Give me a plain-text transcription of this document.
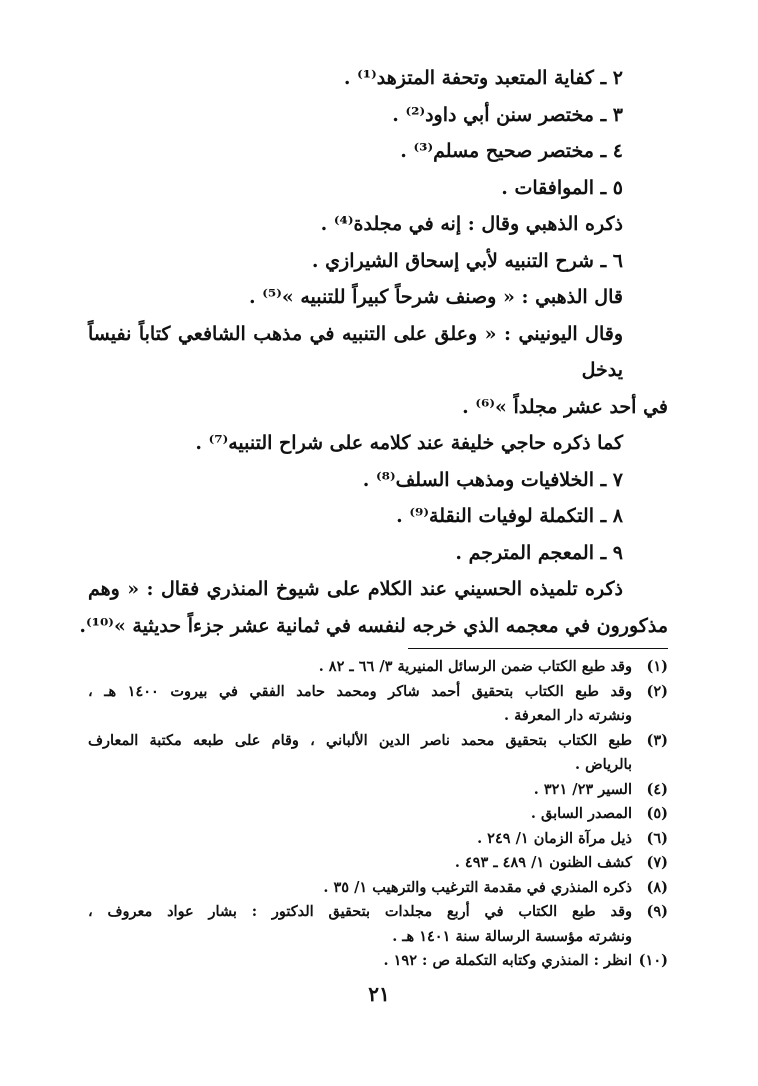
٢ ـ كفاية المتعبد وتحفة المتزهد⁽¹⁾ .
٣ ـ مختصر سنن أبي داود⁽²⁾ .
٤ ـ مختصر صحيح مسلم⁽³⁾ .
٥ ـ الموافقات .
ذكره الذهبي وقال : إنه في مجلدة⁽⁴⁾ .
٦ ـ شرح التنبيه لأبي إسحاق الشيرازي .
قال الذهبي : « وصنف شرحاً كبيراً للتنبيه »⁽⁵⁾ .
وقال اليونيني : « وعلق على التنبيه في مذهب الشافعي كتاباً نفيساً يدخل
في أحد عشر مجلداً »⁽⁶⁾ .
كما ذكره حاجي خليفة عند كلامه على شراح التنبيه⁽⁷⁾ .
٧ ـ الخلافيات ومذهب السلف⁽⁸⁾ .
٨ ـ التكملة لوفيات النقلة⁽⁹⁾ .
٩ ـ المعجم المترجم .
ذكره تلميذه الحسيني عند الكلام على شيوخ المنذري فقال : « وهم
مذكورون في معجمه الذي خرجه لنفسه في ثمانية عشر جزءاً حديثية »⁽¹⁰⁾.
(١)
وقد طبع الكتاب ضمن الرسائل المنيرية ٣/ ٦٦ ـ ٨٢ .
(٢)
وقد طبع الكتاب بتحقيق أحمد شاكر ومحمد حامد الفقي في بيروت ١٤٠٠ هـ ،
ونشرته دار المعرفة .
(٣)
طبع الكتاب بتحقيق محمد ناصر الدين الألباني ، وقام على طبعه مكتبة المعارف
بالرياض .
(٤)
السير ٢٣/ ٣٢١ .
(٥)
المصدر السابق .
(٦)
ذيل مرآة الزمان ١/ ٢٤٩ .
(٧)
كشف الظنون ١/ ٤٨٩ ـ ٤٩٣ .
(٨)
ذكره المنذري في مقدمة الترغيب والترهيب ١/ ٣٥ .
(٩)
وقد طبع الكتاب في أربع مجلدات بتحقيق الدكتور : بشار عواد معروف ،
ونشرته مؤسسة الرسالة سنة ١٤٠١ هـ .
(١٠)
انظر : المنذري وكتابه التكملة ص : ١٩٢ .
٢١
